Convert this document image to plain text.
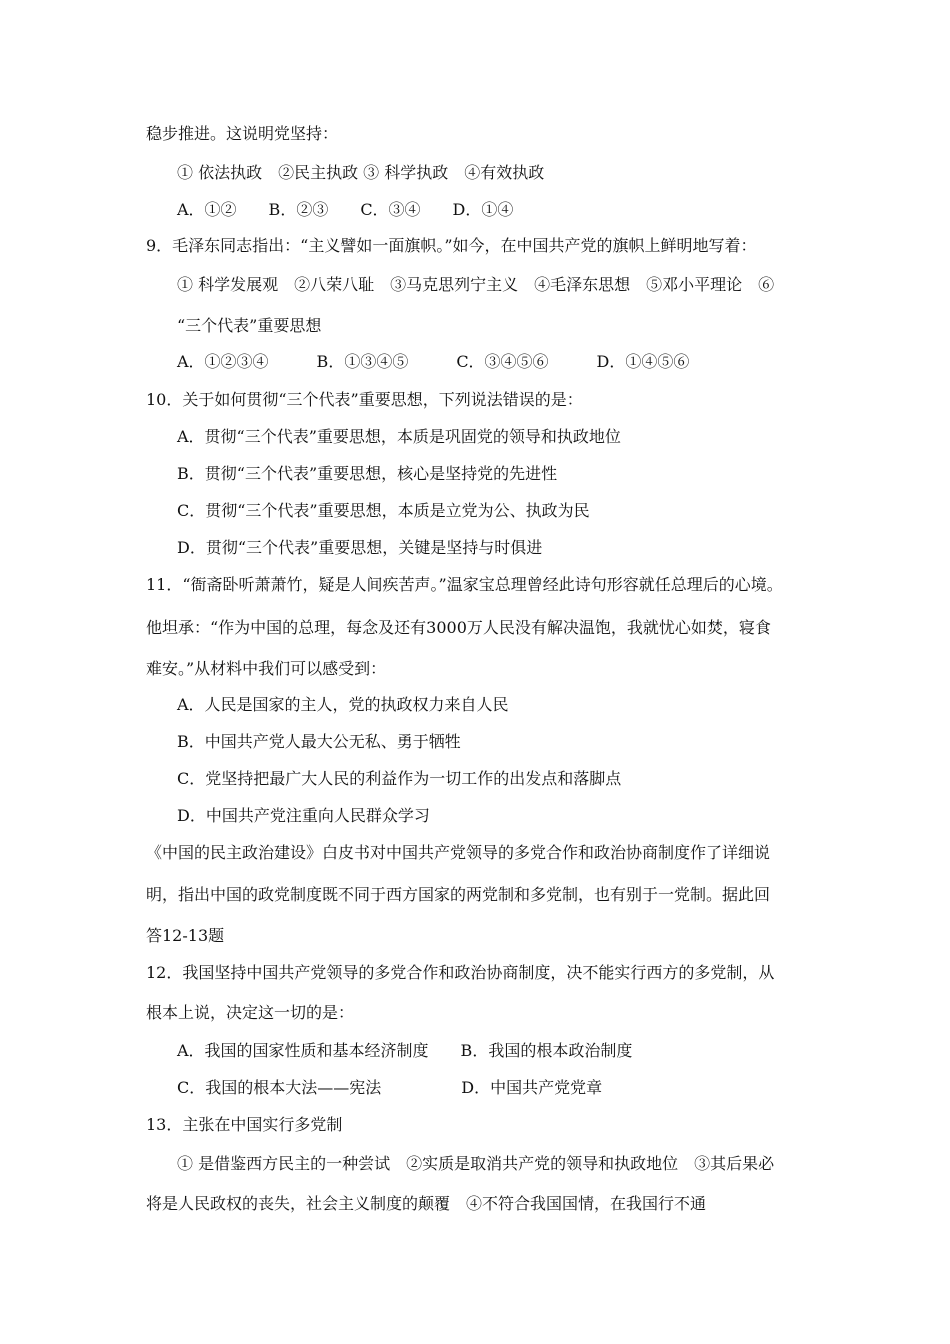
稳步推进。这说明党坚持：
① 依法执政　②民主执政 ③ 科学执政　④有效执政
A．①②　　B．②③　　C．③④　　D．①④
9．毛泽东同志指出：“主义譬如一面旗帜。”如今，在中国共产党的旗帜上鲜明地写着：
① 科学发展观　②八荣八耻　③马克思列宁主义　④毛泽东思想　⑤邓小平理论　⑥
“三个代表”重要思想
A．①②③④　　　B．①③④⑤　　　C．③④⑤⑥　　　D．①④⑤⑥
10．关于如何贯彻“三个代表”重要思想，下列说法错误的是：
A．贯彻“三个代表”重要思想，本质是巩固党的领导和执政地位
B．贯彻“三个代表”重要思想，核心是坚持党的先进性
C．贯彻“三个代表”重要思想，本质是立党为公、执政为民
D．贯彻“三个代表”重要思想，关键是坚持与时俱进
11．“衙斋卧听萧萧竹，疑是人间疾苦声。”温家宝总理曾经此诗句形容就任总理后的心境。
他坦承：“作为中国的总理，每念及还有3000万人民没有解决温饱，我就忧心如焚，寝食
难安。”从材料中我们可以感受到：
A．人民是国家的主人，党的执政权力来自人民
B．中国共产党人最大公无私、勇于牺牲
C．党坚持把最广大人民的利益作为一切工作的出发点和落脚点
D．中国共产党注重向人民群众学习
《中国的民主政治建设》白皮书对中国共产党领导的多党合作和政治协商制度作了详细说
明，指出中国的政党制度既不同于西方国家的两党制和多党制，也有别于一党制。据此回
答12-13题
12．我国坚持中国共产党领导的多党合作和政治协商制度，决不能实行西方的多党制，从
根本上说，决定这一切的是：
A．我国的国家性质和基本经济制度　　B．我国的根本政治制度
C．我国的根本大法——宪法　　　　　D．中国共产党党章
13．主张在中国实行多党制
① 是借鉴西方民主的一种尝试　②实质是取消共产党的领导和执政地位　③其后果必
将是人民政权的丧失，社会主义制度的颠覆　④不符合我国国情，在我国行不通
